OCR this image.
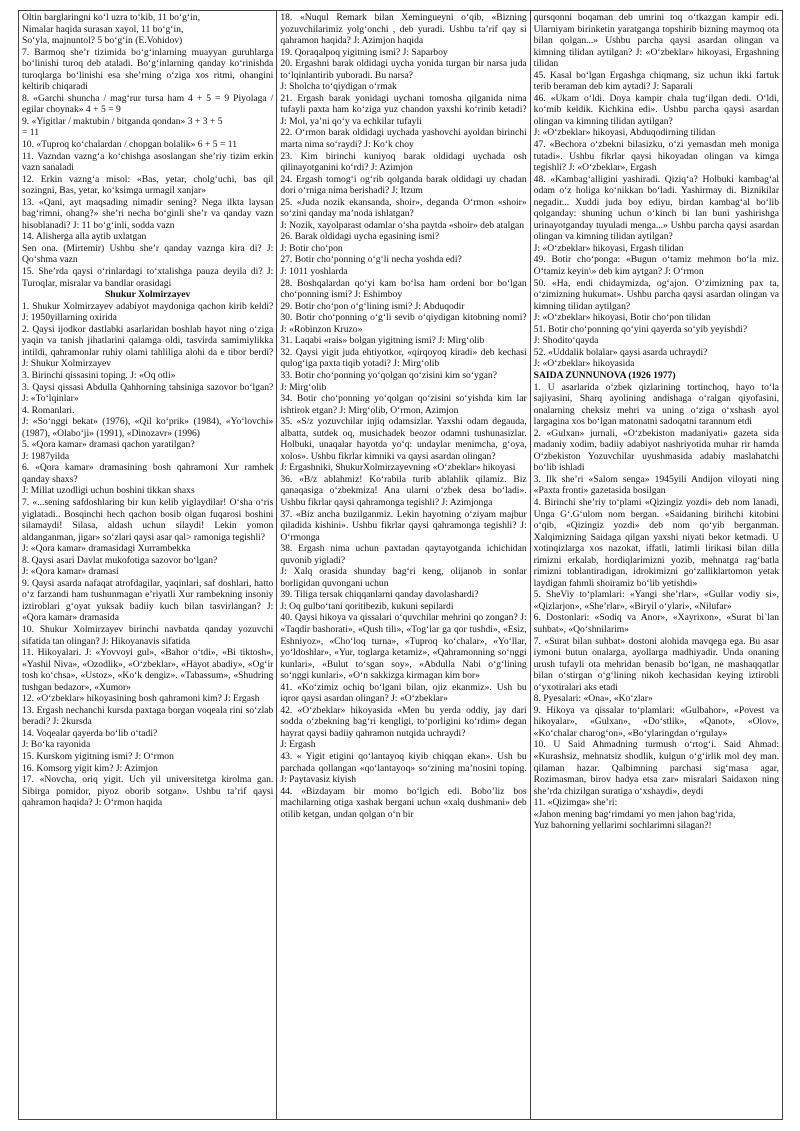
Oltin barglaringni ko‘l uzra to‘kib, 11 bo‘g‘in,

Nimalar haqida surasan xayol, 11 bo‘g‘in,

So‘yla, majnuntol? 5 bo‘g‘in (E.Vohidov)

7. Barmoq she’r tizimida bo‘g‘inlarning muayyan guruhlarga bo‘linishi turoq deb ataladi. Bo‘g‘inlarning qanday ko‘rinishda turoqlarga bo‘linishi esa she’rning o‘ziga xos ritmi, ohangini keltirib chiqaradi

8. «Garchi shuncha / mag‘rur tursa ham 4 + 5 = 9 Piyolaga / egilar choynak» 4 + 5 = 9

9. «Yigitlar / maktubin / bitganda qondan» 3 + 3 + 5

= 11

10. «Tuproq ko‘chalardan / chopgan bolalik» 6 + 5 = 11

11. Vazndan vazng‘a ko‘chishga asoslangan she’riy tizim erkin vazn sanaladi

12. Erkin vazng‘a misol: «Bas, yetar, cholg‘uchi, bas qil sozingni, Bas, yetar, ko‘ksimga urmagil xanjar»

13. «Qani, ayt maqsading nimadir sening? Nega ilkta laysan bag‘rimni, ohang?» she’ri necha bo‘ginli she’r va qanday vazn hisoblanadi? J: 11 bo‘g‘inli, sodda vazn

14. Alisherga alla aytib uxlatgan

Sen ona. (Mirtemir) Ushbu she’r qanday vaznga kira di? J: Qo‘shma vazn

15. She’rda qaysi o‘rinlardagi to‘xtalishga pauza deyila di? J: Turoqlar, misralar va bandlar orasidagi

Shukur Xolmirzayev

1. Shukur Xolmirzayev adabiyot maydoniga qachon kirib keldi? J: 1950yillarning oxirida

2. Qaysi ijodkor dastlabki asarlaridan boshlab hayot ning o‘ziga yaqin va tanish jihatlarini qalamga oldi, tasvirda samimiylikka intildi, qahramonlar ruhiy olami tahliliga alohi da e tibor berdi? J: Shukur Xolmirzayev

3. Birinchi qissasini toping. J: «Oq otli»

3. Qaysi qissasi Abdulla Qahhorning tahsiniga sazovor bo‘lgan? J: «To‘lqinlar»

4. Romanlari.

J: «So‘nggi bekat» (1976), «Qil ko‘prik» (1984), «Yo‘lovchi» (1987), «Olabo‘ji» (1991), «Dinozavr» (1996)

5. «Qora kamar» dramasi qachon yaratilgan?

J: 1987yilda

6. «Qora kamar» dramasining bosh qahramoni Xur ramhek qanday shaxs?

J: Millat uzodligi uchun boshini tikkan shaxs

7. «...sening safdoshlaring bir kun kelib yiglaydilar! O‘sha o‘ris yiglatadi.. Bosqinchi hech qachon bosib olgan fuqarosi boshini silamaydi! Silasa, aldash uchun silaydi! Lekin yomon aldanganman, jigar» so‘zlari qaysi asar qal> ramoniga tegishli?

J: «Qora kamar» dramasidagi Xurrambekka

8. Qaysi asari Davlat mukofotiga sazovor bo‘lgan?

J: «Qora kamar» dramasi

9. Qaysi asarda nafaqat atrofdagilar, yaqinlari, saf doshlari, hatto o‘z farzandi ham tushunmagan e’riyatli Xur rambekning insoniy iztiroblari g‘oyat yuksak badiiy kuch bilan tasvirlangan? J: «Qora kamar» dramasida

10. Shukur Xolmirzayev birinchi navbatda qanday yozuvchi sifatida tan olingan? J: Hikoyanavis sifatida

11. Hikoyalari. J: «Yovvoyi gul», «Bahor o‘tdi», «Bi tiktosh», «Yashil Niva», «Ozodlik», «O‘zbeklar», «Hayot abadiy», «Og‘ir tosh ko‘chsa», «Ustoz», «Ko‘k dengiz». «Tabassum», «Shudring tushgan bedazor», «Xumor»

12. «O‘zbeklar» hikoyasining bosh qahramoni kim? J: Ergash

13. Ergash nechanchi kursda paxtaga borgan voqeala rini so‘zlab beradi? J: 2kursda

14. Voqealar qayerda bo‘lib o‘tadi?

J: Bo‘ka rayonida

15. Kurskom yigitning ismi? J: O‘rmon

16. Komsorg yigit kim? J: Azimjon

17. «Novcha, oriq yigit. Uch yil universitetga kirolma gan. Sibirga pomidor, piyoz oborib sotgan». Ushbu ta’rif qaysi qahramon haqida? J: O‘rmon haqida

18. «Nuqul Remark bilan Xemingueyni o‘qib, «Bizning yozuvchilarimiz yolg‘onchi , deb yuradi. Ushbu ta’rif qay si qahramon haqida? J: Azimjon haqida

19. Qoraqalpoq yigitning ismi? J: Saparboy

20. Ergashni barak oldidagi uycha yonida turgan bir narsa juda to‘lqinlantirib yuboradi. Bu narsa?

J: Sholcha to‘qiydigan o‘rmak

21. Ergash barak yonidagi uychani tomosha qilganida nima tufayli paxta ham ko‘ziga yuz chandon yaxshi ko‘rinib ketadi? J: Mol, ya’ni qo‘y va echkilar tufayli

22. O‘rmon barak oldidagi uychada yashovchi ayoldan birinchi marta nima so‘raydi? J: Ko‘k choy

23. Kim birinchi kuniyoq barak oldidagi uychada osh qilinayotganini ko‘rdi? J: Azimjon

24. Ergash tomog‘i og‘rib qolganda barak oldidagi uy chadan dori o‘rniga nima berishadi? J: Itzum

25. «Juda nozik ekansanda, shoir», deganda O‘rmon «shoir» so‘zini qanday ma’noda ishlatgan?

J: Nozik, xayolparast odamlar o‘sha paytda «shoir» deb atalgan

26. Barak oldidagi uycha egasining ismi?

J: Botir cho‘pon

27. Botir cho‘ponning o‘g‘li necha yoshda edi?

J: 1011 yoshlarda

28. Boshqalardan qo‘yi kam bo‘lsa ham ordeni bor bo‘lgan cho‘ponning ismi? J: Eshimboy

29. Botir cho‘pon o‘g‘lining ismi? J: Abduqodir

30. Botir cho‘ponning o‘g‘li sevib o‘qiydigan kitobning nomi? J: «Robinzon Kruzo»

31. Laqabi «rais» bolgan yigitning ismi? J: Mirg‘olib

32. Qaysi yigit juda ehtiyotkor, «qirqoyoq kiradi» deb kechasi qulog‘iga paxta tiqib yotadi? J: Mirg‘olib

33. Botir cho‘ponning yo‘qolgan qo‘zisini kim so‘ygan?

J: Mirg‘olib

34. Botir cho‘ponning yo‘qolgan qo‘zisini so‘yishda kim lar ishtirok etgan? J: Mirg‘olib, O‘rmon, Azimjon

35. «S/z yozuvchilar injiq odamsizlar. Yaxshi odam degauda, albatta, sutdek oq, musichadek beozor odamni tushunasizlar. Holbuki, unaqalar hayotda yo‘q: undaylar menimcha, g‘oya, xolos». Ushbu fikrlar kimniki va qaysi asardan olingan?

J: Ergashniki, ShukurXolmirzayevning «O‘zbeklar» hikoyasi

36. «B/z ablahmiz! Ko‘rabila turib ablahlik qilamiz. Biz qanaqasiga o‘zbekmiza! Ana ularni o‘zbek desa bo‘ladi». Ushbu fikrlar qaysi qahramonga tegishli? J: Azimjonga

37. «Biz ancha buzilganmiz. Lekin hayotning o‘ziyam majbur qiladida kishini». Ushbu fikrlar qaysi qahramonga tegishli? J: O‘rmonga

38. Ergash nima uchun paxtadan qaytayotganda ichichidan quvonib yigladi?

J: Xalq orasida shunday bag‘ri keng, olijanob in sonlar borligidan quvongani uchun

39. Tiliga tersak chiqqanlarni qanday davolashardi?

J: Oq gulbo‘tani qoritibezib, kukuni sepilardi

40. Qaysi hikoya va qissalari o‘quvchilar mehrini qo zongan? J: «Taqdir bashorati», «Qush tili», «Tog‘lar ga qor tushdi», «Esiz, Eshniyoz», «Cho‘loq turna», «Tuproq ko‘chalar», «Yo‘llar, yo‘ldoshlar», «Yur, toglarga ketamiz», «Qahramonning so‘nggi kunlari», «Bulut to‘sgan soy», «Abdulla Nabi o‘g‘lining so‘nggi kunlari», «O‘n sakkizga kirmagan kim bor»

41. «Ko‘zimiz ochiq bo‘lgani bilan, ojiz ekanmiz». Ush bu iqror qaysi asardan olingan? J: «O‘zbeklar»

42. «O‘zbeklar» hikoyasida «Men bu yerda oddiy, jay dari sodda o‘zbekning bag‘ri kengligi, to‘porligini ko‘rdim» degan hayrat qaysi badiiy qahramon nutqida uchraydi?

J: Ergash

43. « Yigit etigini qo‘lantayoq kiyib chiqqan ekan». Ush bu parchada qollangan «qo‘lantayoq» so‘zining ma’nosini toping. J: Paytavasiz kiyish

44. «Bizdayam bir momo bo‘lgich edi. Bobo’liz bos machilarning otiga xashak bergani uchun «xalq dushmani» deb otilib ketgan, undan qolgan o‘n bir

qursqonni boqaman deb umrini toq o‘tkazgan kampir edi. Ularniyam birinketin yaratganga topshirib bizning maymoq ota bilan qolgan...» Ushbu parcha qaysi asardan olingan va kimning tilidan aytilgan? J: «O‘zbeklar» hikoyasi, Ergashning tilidan

45. Kasal bo‘lgan Ergashga chiqmang, siz uchun ikki fartuk terib beraman deb kim aytadi? J: Saparali

46. «Ukam o‘ldi. Doya kampir chala tug‘ilgan dedi. O‘ldi, ko‘mib keldik. Kichkina edi». Ushbu parcha qaysi asardan olingan va kimning tilidan aytilgan?

J: «O‘zbeklar» hikoyasi, Abduqodirning tilidan

47. «Bechora o‘zbekni bilasizku, o‘zi yemasdan meh moniga tutadi». Ushbu fikrlar qaysi hikoyadan olingan va kimga tegishli? J: «O‘zbeklar», Ergash

48. «Kambag‘alligini yashiradi. Qiziq‘a? Holbuki kambag‘al odam o‘z holiga ko‘nikkan bo‘ladi. Yashirmay di. Biznikilar negadir... Xuddi juda boy ediyu, birdan kambag‘al bo‘lib qolganday: shuning uchun o‘kinch bi lan buni yashirishga urinayotganday tuyuladi menga...» Ushbu parcha qaysi asardan olingan va kimning tilidan aytilgan?

J: «O‘zbeklar» hikoyasi, Ergash tilidan

49. Botir cho‘ponga: «Bugun o‘tamiz mehmon bo‘la miz. O‘tamiz keyin\» deb kim aytgan? J: O‘rmon

50. «Ha, endi chidaymizda, og‘ajon. O‘zimizning pax ta, o‘zimizning hukumat». Ushbu parcha qaysi asardan olingan va kimning tilidan aytilgan?

J: «O‘zbeklar» hikoyasi, Botir cho‘pon tilidan

51. Botir cho‘ponning qo‘yini qayerda so‘yib yeyishdi?

J: Shodito‘qayda

52. «Uddalik bolalar» qaysi asarda uchraydi?

J: «O‘zbeklar» hikoyasida

SAIDA ZUNNUNOVA (1926 1977)

1. U asarlarida o‘zbek qizlarining tortinchoq, hayo to‘la sajiyasini, Sharq ayolining andishaga o‘ralgan qiyofasini, onalarning cheksiz mehri va uning o‘ziga o‘xshash ayol largagina xos bo‘lgan matonatni sadoqatni tarannum etdi

2. «Gulxan» jurnali, «O‘zbekiston madaniyati» gazeta sida madaniy xodim, badiiy adabiyot nashriyotida muhar rir hamda O‘zbekiston Yozuvchilar uyushmasida adabiy maslahatchi bo‘lib ishladi

3. Ilk she’ri «Salom senga» 1945yili Andijon viloyati ning «Paxta fronti» gazetasida bosilgan

4. Birinchi she’riy to‘plami «Qizingiz yozdi» deb nom lanadi, Unga G‘.G‘ulom nom bergan. «Saidaning birihchi kitobini o‘qib, «Qizingiz yozdi» deb nom qo‘yib berganman. Xalqimizning Saidaga qilgan yaxshi niyati bekor ketmadi. U xotinqizlarga xos nazokat, iffatli, latimli lirikasi bilan dilla rimizni erkalab, hordiqlarimizni yozib, mehnatga rag‘batla rimizni toblantiradigan, idrokimizni go‘zalliklartomon yetak laydigan fahmli shoiramiz bo‘lib yetishdi»

5. SheViy to‘plamlari: «Yangi she’rlar», «Gullar vodiy si», «Qizlarjon», «She’rlar», «Biryil o‘ylari», «Nilufar»

6. Dostonlari: «Sodiq va Anor», «Xayrixon», «Surat bi`lan suhbat», «Qo‘shnilarim»

7. «Surat bilan suhbat» dostoni alohida mavqega ega. Bu asar iymoni butun onalarga, ayollarga madhiyadir. Unda onaning urush tufayli ota mehridan benasib bo‘lgan, ne mashaqqatlar bilan o‘stirgan o‘g‘lining nikoh kechasidan keying iztirobli o‘yxotiralari aks etadi

8. Pyesalari: «Ona», «Ko‘zlar»

9. Hikoya va qissalar to‘plamlari: «Gulbahor», «Povest va hikoyalar», «Gulxan», «Do‘stlik», «Qanot», «Olov», «Ko‘chalar charog‘on», «Bo‘ylaringdan o‘rgulay»

10. U Said Ahmadning turmush o‘rtog‘i. Said Ahmad: «Kurashsiz, mehnatsiz shodlik, kulgun o‘g‘irlik mol dey man. qilaman hazar. Qalbimning parchasi sig‘masa agar, Rozimasman, birov hadya etsa zar» misralari Saidaxon ning she’rda chizilgan suratiga o‘xshaydi», deydi

11. «Qizimga» she’ri:

«Jahon mening bag‘rimdami yo men jahon bag‘rida,

Yuz bahorning yellarimi sochlarimni silagan?!
